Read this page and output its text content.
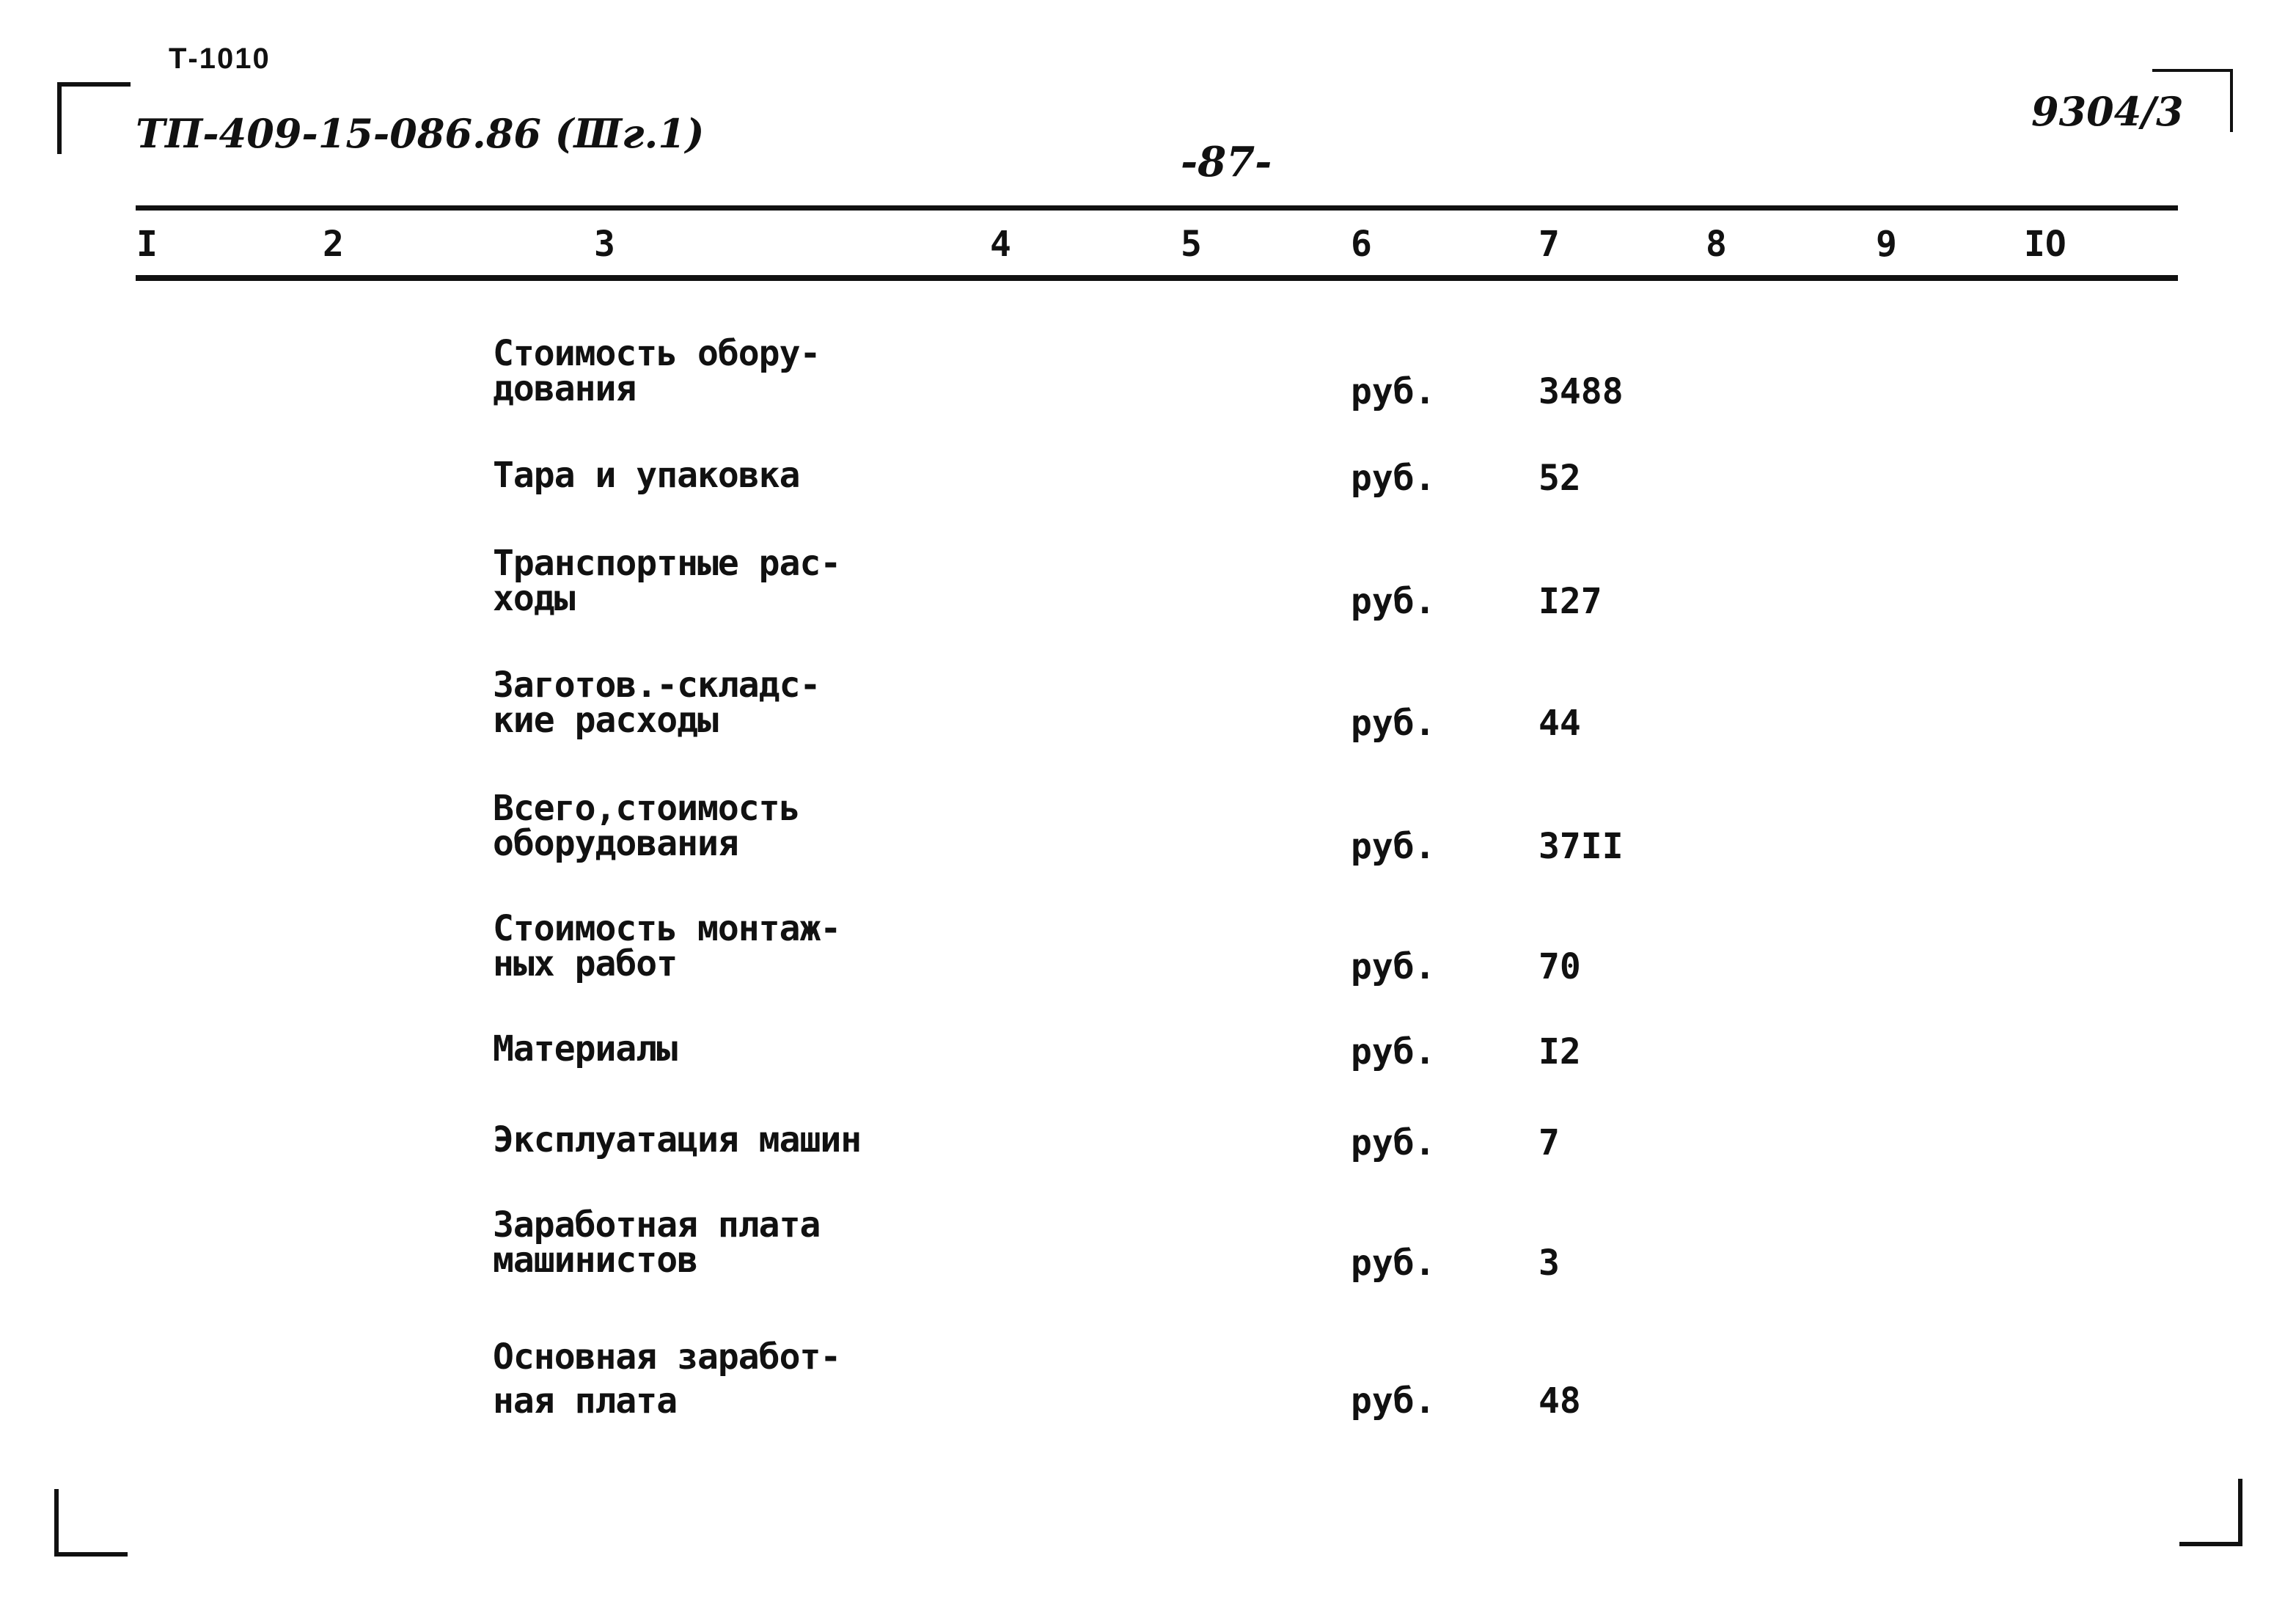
Т-1010
ТП-409-15-086.86 (Ⅲг.1)
-87-
9304/3
I	2	3	4	5	6	7	8	9	IO
Стоимость обору-
дования	руб.	3488
Тара и упаковка	руб.	52
Транспортные рас-
ходы	руб.	I27
Заготов.-складс-
кие расходы	руб.	44
Всего,стоимость
оборудования	руб.	37II
Стоимость монтаж-
ных работ	руб.	70
Материалы	руб.	I2
Эксплуатация машин	руб.	7
Заработная плата
машинистов	руб.	3
Основная заработ-
ная плата	руб.	48
